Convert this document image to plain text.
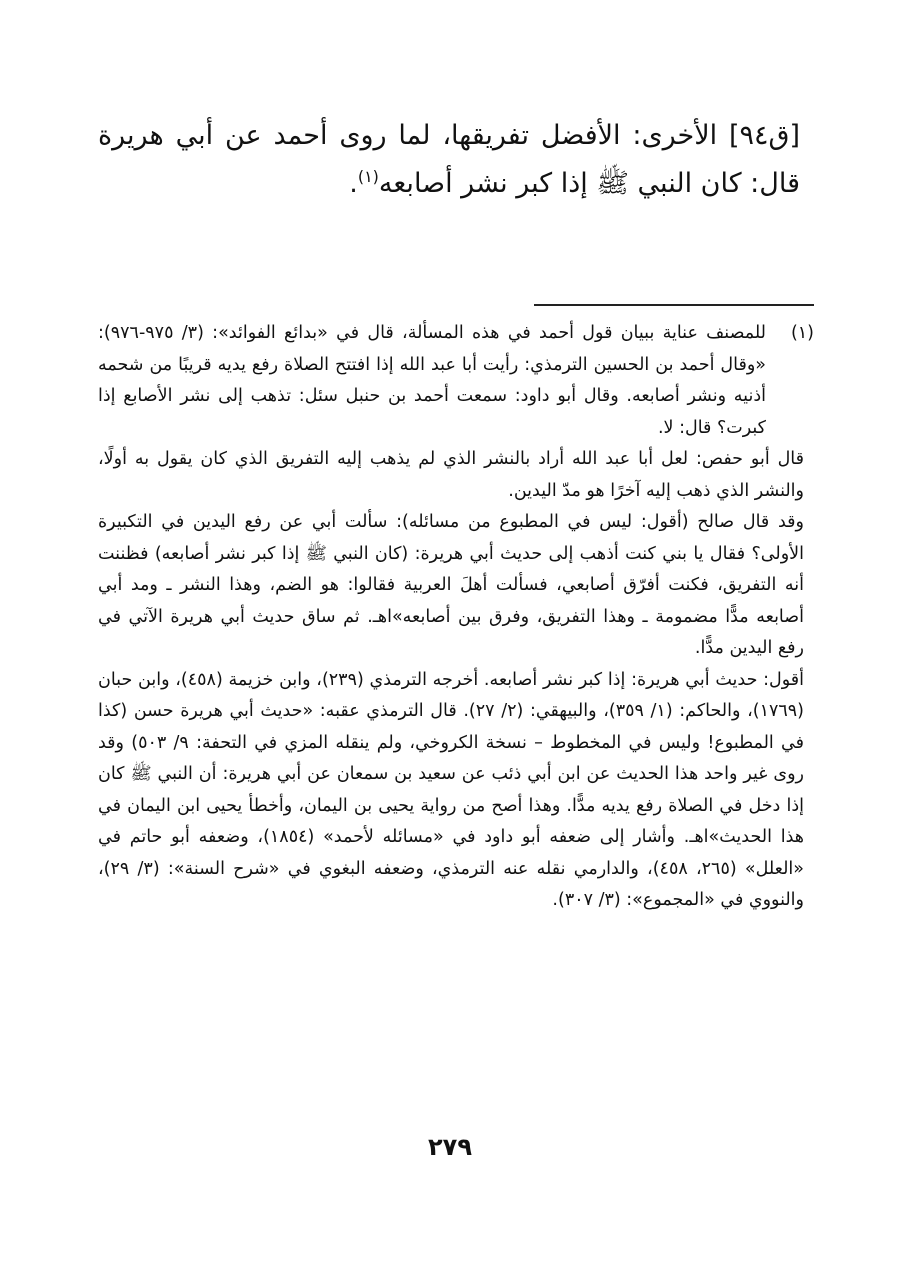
[ق٩٤] الأخرى: الأفضل تفريقها، لما روى أحمد عن أبي هريرة قال: كان النبي ﷺ إذا كبر نشر أصابعه$^{(١)}$.

(١)

للمصنف عناية ببيان قول أحمد في هذه المسألة، قال في «بدائع الفوائد»: (٣/ ٩٧٥-٩٧٦): «وقال أحمد بن الحسين الترمذي: رأيت أبا عبد الله إذا افتتح الصلاة رفع يديه قريبًا من شحمه أذنيه ونشر أصابعه. وقال أبو داود: سمعت أحمد بن حنبل سئل: تذهب إلى نشر الأصابع إذا كبرت؟ قال: لا.

قال أبو حفص: لعل أبا عبد الله أراد بالنشر الذي لم يذهب إليه التفريق الذي كان يقول به أولًا، والنشر الذي ذهب إليه آخرًا هو مدّ اليدين.

وقد قال صالح (أقول: ليس في المطبوع من مسائله): سألت أبي عن رفع اليدين في التكبيرة الأولى؟ فقال يا بني كنت أذهب إلى حديث أبي هريرة: (كان النبي ﷺ إذا كبر نشر أصابعه) فظننت أنه التفريق، فكنت أفرّق أصابعي، فسألت أهلَ العربية فقالوا: هو الضم، وهذا النشر ـ ومد أبي أصابعه مدًّا مضمومة ـ وهذا التفريق، وفرق بين أصابعه»اهـ. ثم ساق حديث أبي هريرة الآتي في رفع اليدين مدًّا.

أقول: حديث أبي هريرة: إذا كبر نشر أصابعه. أخرجه الترمذي (٢٣٩)، وابن خزيمة (٤٥٨)، وابن حبان (١٧٦٩)، والحاكم: (١/ ٣٥٩)، والبيهقي: (٢/ ٢٧). قال الترمذي عقبه: «حديث أبي هريرة حسن (كذا في المطبوع! وليس في المخطوط – نسخة الكروخي، ولم ينقله المزي في التحفة: ٩/ ٥٠٣) وقد روى غير واحد هذا الحديث عن ابن أبي ذئب عن سعيد بن سمعان عن أبي هريرة: أن النبي ﷺ كان إذا دخل في الصلاة رفع يديه مدًّا. وهذا أصح من رواية يحيى بن اليمان، وأخطأ يحيى ابن اليمان في هذا الحديث»اهـ. وأشار إلى ضعفه أبو داود في «مسائله لأحمد» (١٨٥٤)، وضعفه أبو حاتم في «العلل» (٢٦٥، ٤٥٨)، والدارمي نقله عنه الترمذي، وضعفه البغوي في «شرح السنة»: (٣/ ٢٩)، والنووي في «المجموع»: (٣/ ٣٠٧).

٢٧٩
